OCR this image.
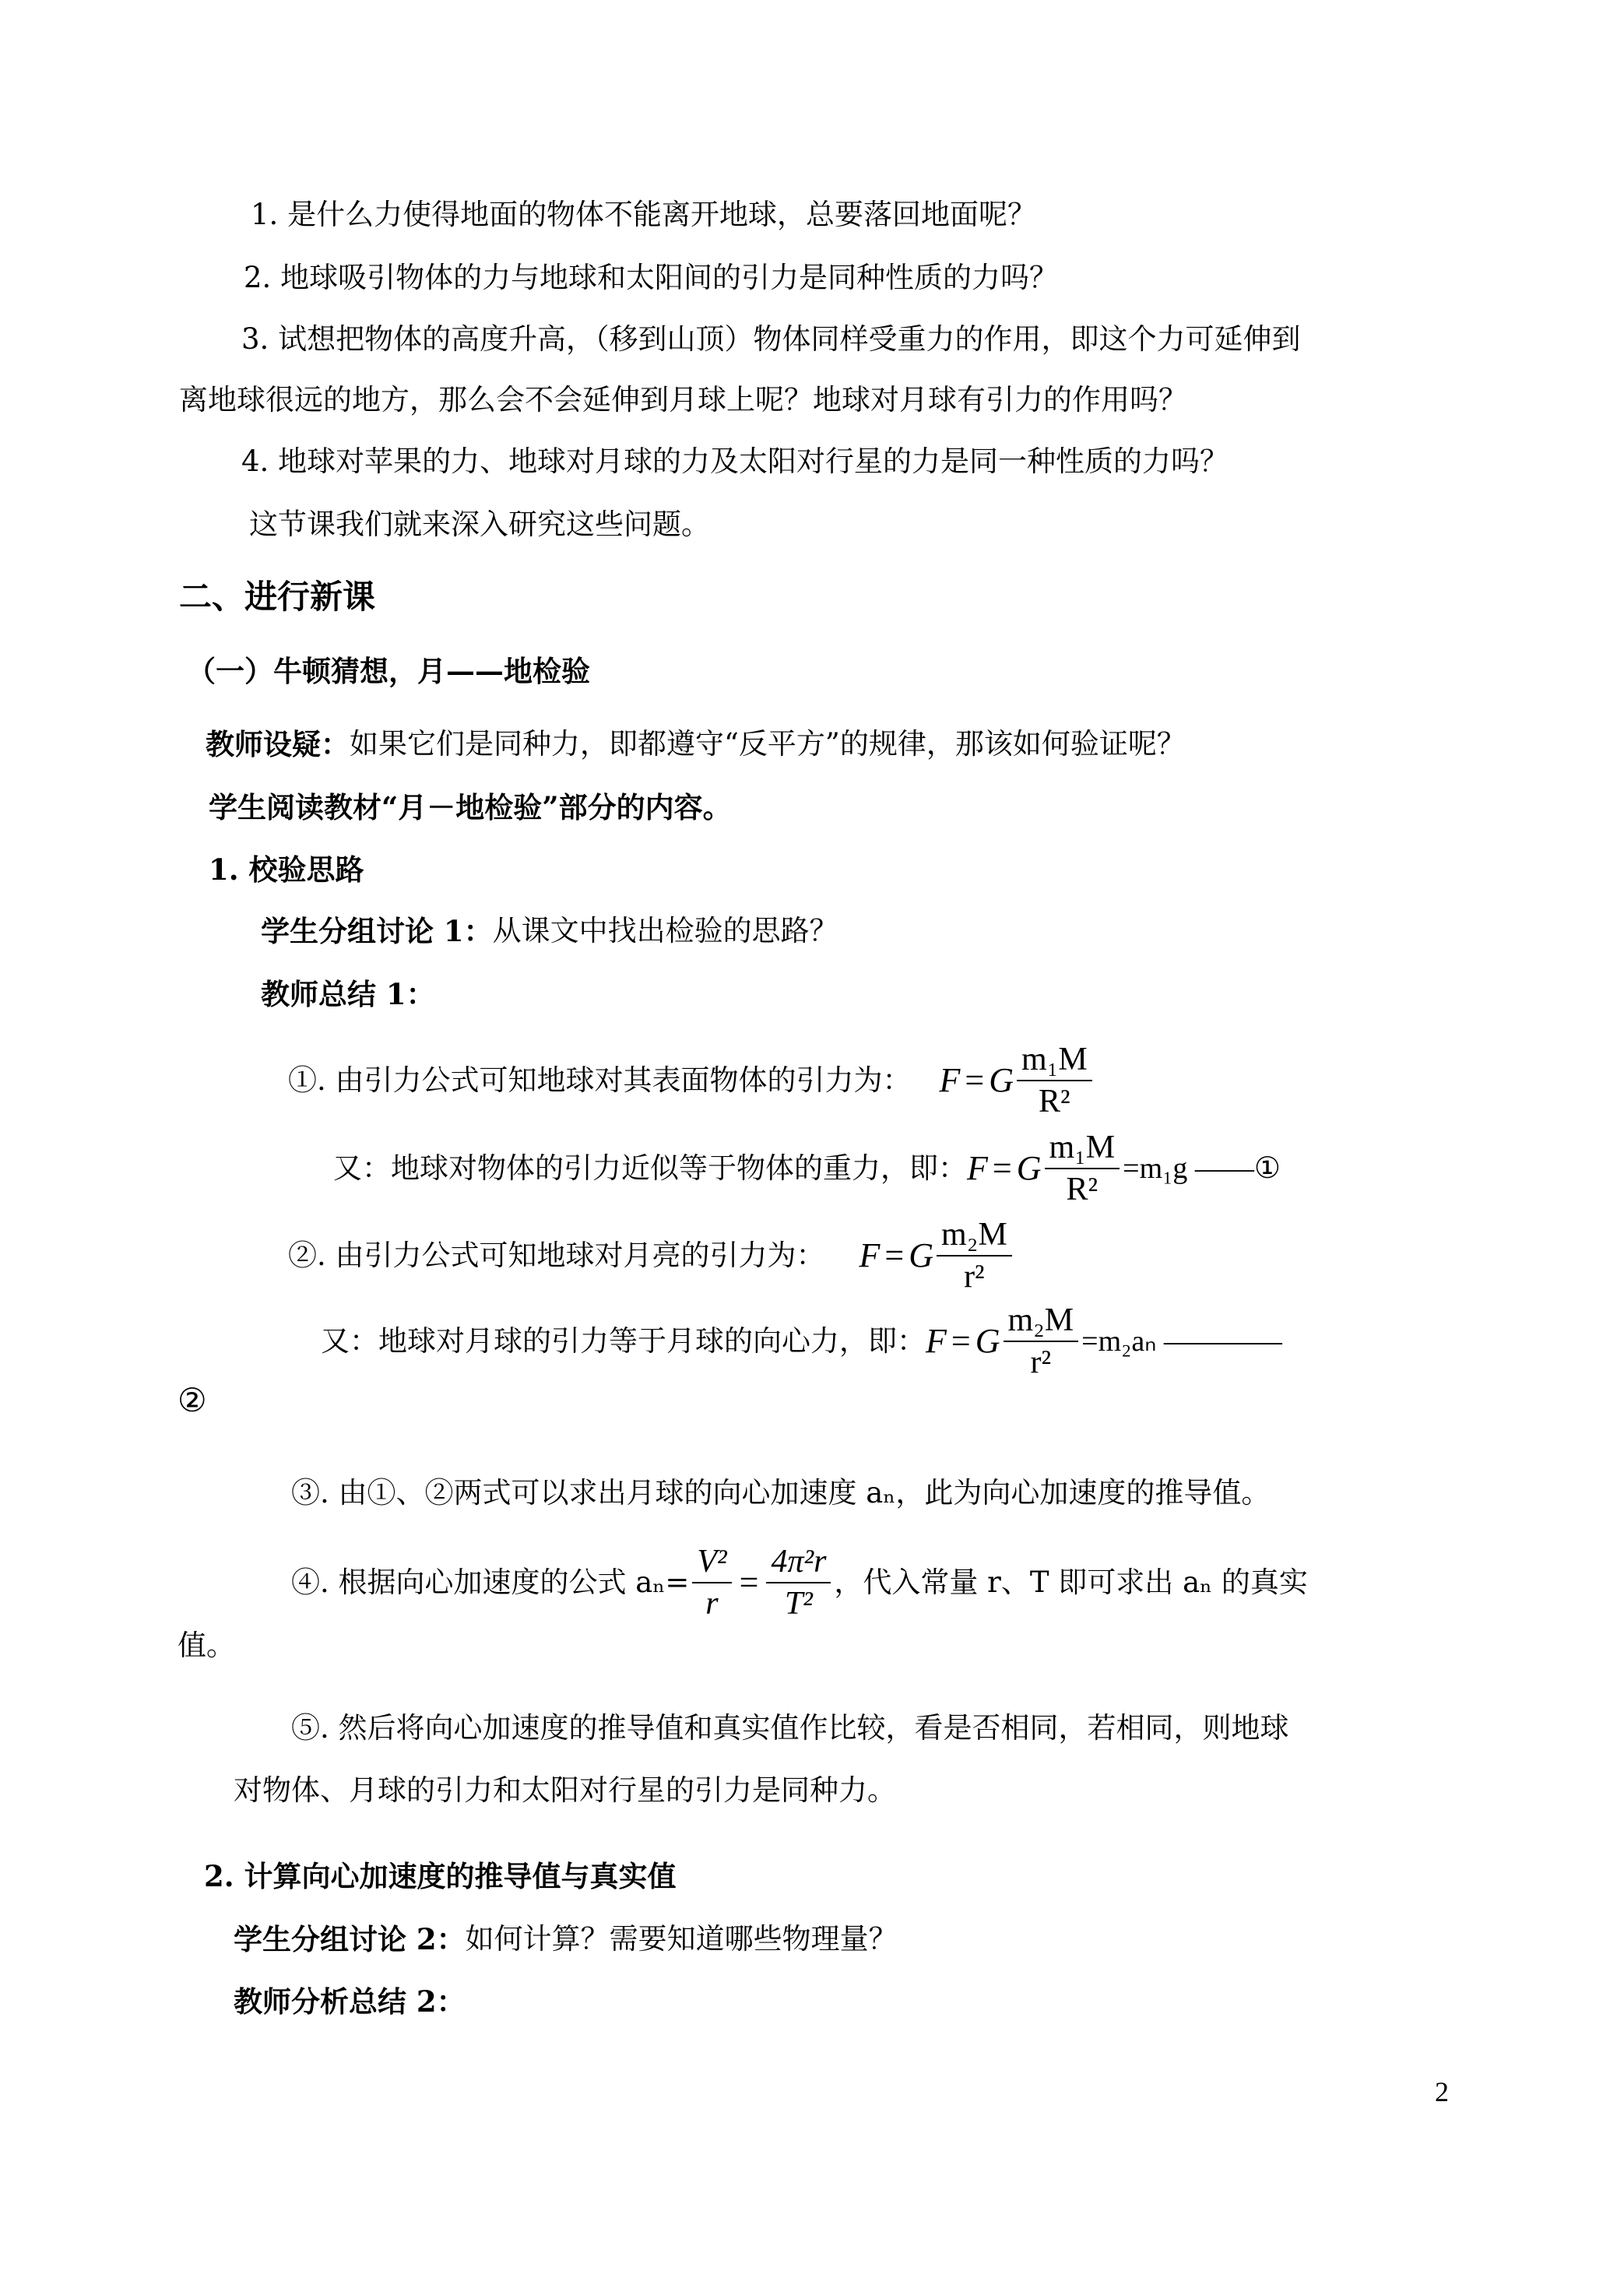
1. 是什么力使得地面的物体不能离开地球，总要落回地面呢？
2. 地球吸引物体的力与地球和太阳间的引力是同种性质的力吗？
3. 试想把物体的高度升高，（移到山顶）物体同样受重力的作用，即这个力可延伸到
离地球很远的地方，那么会不会延伸到月球上呢？地球对月球有引力的作用吗？
4. 地球对苹果的力、地球对月球的力及太阳对行星的力是同一种性质的力吗？
这节课我们就来深入研究这些问题。
二、进行新课
（一）牛顿猜想，月——地检验
教师设疑： 如果它们是同种力，即都遵守“反平方”的规律，那该如何验证呢？
学生阅读教材“月－地检验”部分的内容。
1. 校验思路
学生分组讨论 1： 从课文中找出检验的思路？
教师总结 1：
①. 由引力公式可知地球对其表面物体的引力为： F = G $\frac{\text{m₁M}}{\text{R²}}$
又：地球对物体的引力近似等于物体的重力，即： F = G $\frac{\text{m₁M}}{\text{R²}} =m_1g$ ——①
②. 由引力公式可知地球对月亮的引力为： F = G $\frac{\text{m₂M}}{\text{r²}}$
又：地球对月球的引力等于月球的向心力，即： F = G $\frac{\text{m₂M}}{\text{r²}} =m_2a_n$ ————
②
③. 由①、②两式可以求出月球的向心加速度 aₙ，此为向心加速度的推导值。
④. 根据向心加速度的公式 $a_n= \frac{\text{V²}}{r} = \frac{\text{4π²r}}{\text{T²}}$ ，代入常量 r、T 即可求出 aₙ 的真实
值。
⑤. 然后将向心加速度的推导值和真实值作比较，看是否相同，若相同，则地球
对物体、月球的引力和太阳对行星的引力是同种力。
2. 计算向心加速度的推导值与真实值
学生分组讨论 2： 如何计算？需要知道哪些物理量？
教师分析总结 2：
2
